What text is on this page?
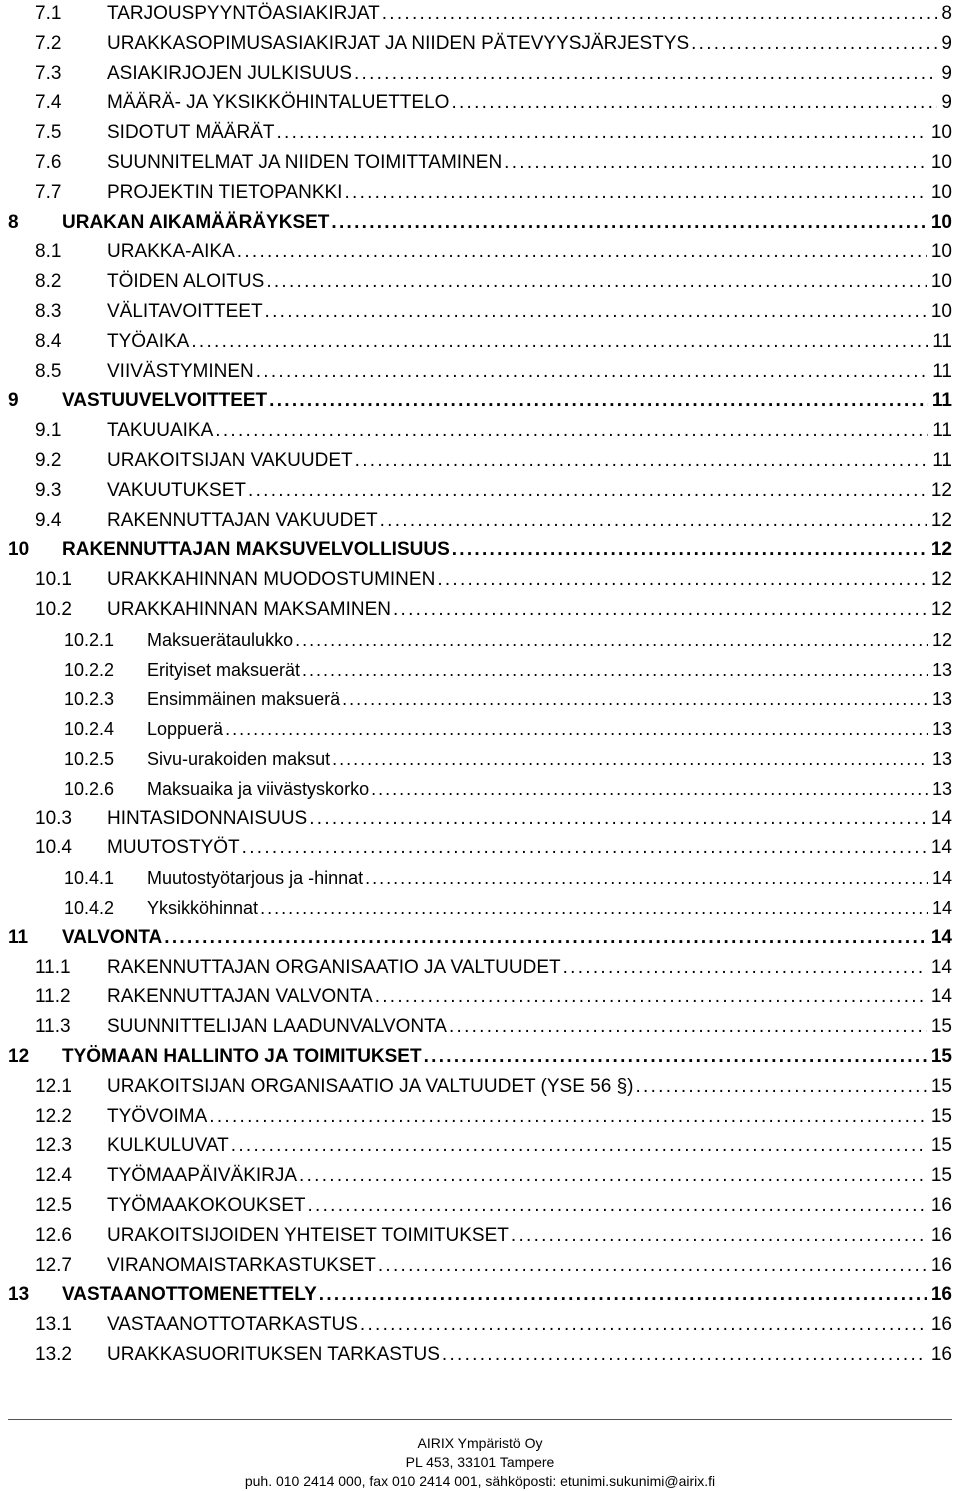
7.1 TARJOUSPYYNTÖASIAKIRJAT . . .	8
7.2 URAKKASOPIMUSASIAKIRJAT JA NIIDEN PÄTEVYYSJÄRJESTYS . . .	9
7.3 ASIAKIRJOJEN JULKISUUS . . .	9
7.4 MÄÄRÄ- JA YKSIKKÖHINTALUETTELO . . .	9
7.5 SIDOTUT MÄÄRÄT . . .	10
7.6 SUUNNITELMAT JA NIIDEN TOIMITTAMINEN . . .	10
7.7 PROJEKTIN TIETOPANKKI . . .	10
8 URAKAN AIKAMÄÄRÄYKSET . . .	10
8.1 URAKKA-AIKA . . .	10
8.2 TÖIDEN ALOITUS . . .	10
8.3 VÄLITAVOITTEET . . .	10
8.4 TYÖAIKA . . .	11
8.5 VIIVÄSTYMINEN . . .	11
9 VASTUUVELVOITTEET . . .	11
9.1 TAKUUAIKA . . .	11
9.2 URAKOITSIJAN VAKUUDET . . .	11
9.3 VAKUUTUKSET . . .	12
9.4 RAKENNUTTAJAN VAKUUDET . . .	12
10 RAKENNUTTAJAN MAKSUVELVOLLISUUS . . .	12
10.1 URAKKAHINNAN MUODOSTUMINEN . . .	12
10.2 URAKKAHINNAN MAKSAMINEN . . .	12
10.2.1 Maksuerätaulukko . . .	12
10.2.2 Erityiset maksuerät . . .	13
10.2.3 Ensimmäinen maksuerä . . .	13
10.2.4 Loppuerä . . .	13
10.2.5 Sivu-urakoiden maksut . . .	13
10.2.6 Maksuaika ja viivästyskorko . . .	13
10.3 HINTASIDONNAISUUS . . .	14
10.4 MUUTOSTYÖT . . .	14
10.4.1 Muutostyötarjous ja -hinnat . . .	14
10.4.2 Yksikköhinnat . . .	14
11 VALVONTA . . .	14
11.1 RAKENNUTTAJAN ORGANISAATIO JA VALTUUDET . . .	14
11.2 RAKENNUTTAJAN VALVONTA . . .	14
11.3 SUUNNITTELIJAN LAADUNVALVONTA . . .	15
12 TYÖMAAN HALLINTO JA TOIMITUKSET . . .	15
12.1 URAKOITSIJAN ORGANISAATIO JA VALTUUDET (YSE 56 §) . . .	15
12.2 TYÖVOIMA . . .	15
12.3 KULKULUVAT . . .	15
12.4 TYÖMAAPÄIVÄKIRJA . . .	15
12.5 TYÖMAAKOKOUKSET . . .	16
12.6 URAKOITSIJOIDEN YHTEISET TOIMITUKSET . . .	16
12.7 VIRANOMAISTARKASTUKSET . . .	16
13 VASTAANOTTOMENETTELY . . .	16
13.1 VASTAANOTTOTARKASTUS . . .	16
13.2 URAKKASUORITUKSEN TARKASTUS . . .	16
AIRIX Ympäristö Oy
PL 453, 33101 Tampere
puh. 010 2414 000, fax 010 2414 001, sähköposti: etunimi.sukunimi@airix.fi
